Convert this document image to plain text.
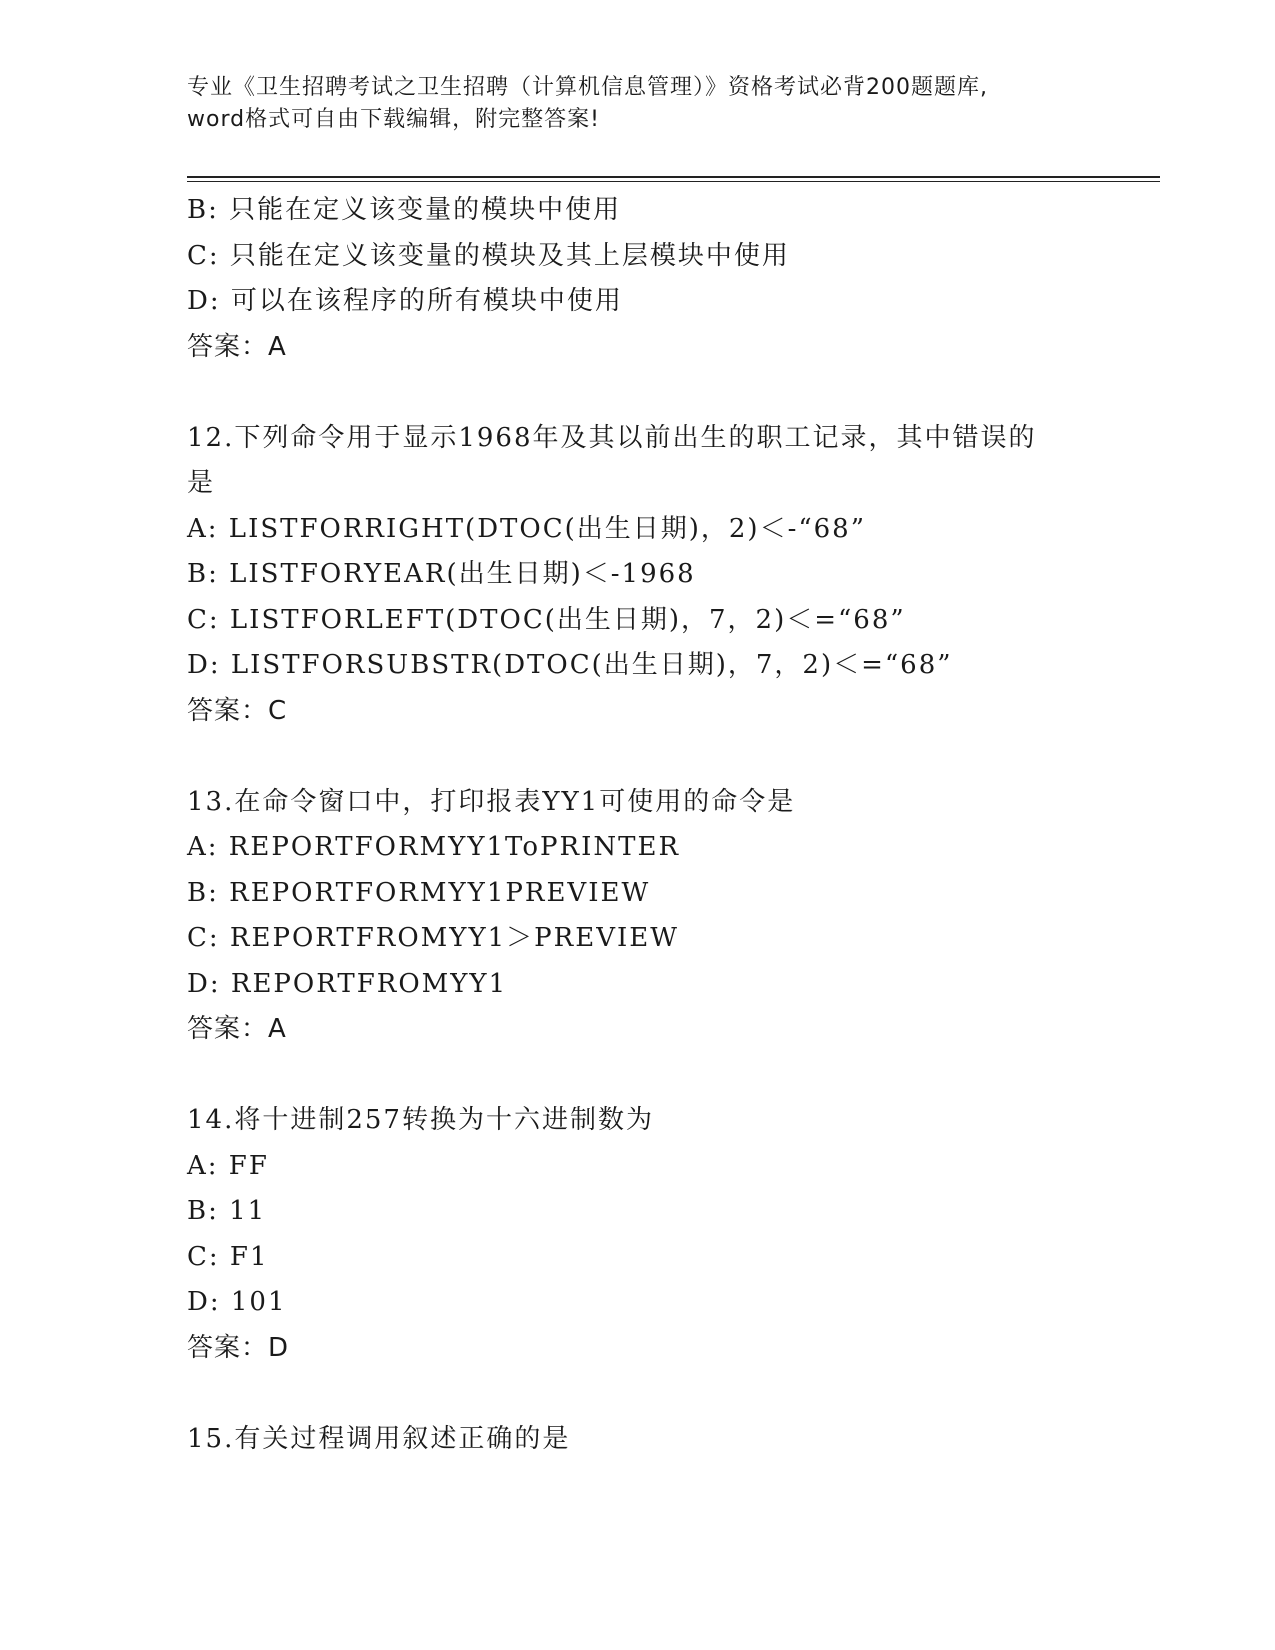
专业《卫生招聘考试之卫生招聘（计算机信息管理）》资格考试必背200题题库,
word格式可自由下载编辑，附完整答案!
B: 只能在定义该变量的模块中使用
C: 只能在定义该变量的模块及其上层模块中使用
D: 可以在该程序的所有模块中使用
答案：A
12.下列命令用于显示1968年及其以前出生的职工记录，其中错误的
是
A: LISTFORRIGHT(DTOC(出生日期)，2)＜-“68”
B: LISTFORYEAR(出生日期)＜-1968
C: LISTFORLEFT(DTOC(出生日期)，7，2)＜=“68”
D: LISTFORSUBSTR(DTOC(出生日期)，7，2)＜=“68”
答案：C
13.在命令窗口中，打印报表YY1可使用的命令是
A: REPORTFORMYY1ToPRINTER
B: REPORTFORMYY1PREVIEW
C: REPORTFROMYY1＞PREVIEW
D: REPORTFROMYY1
答案：A
14.将十进制257转换为十六进制数为
A: FF
B: 11
C: F1
D: 101
答案：D
15.有关过程调用叙述正确的是
